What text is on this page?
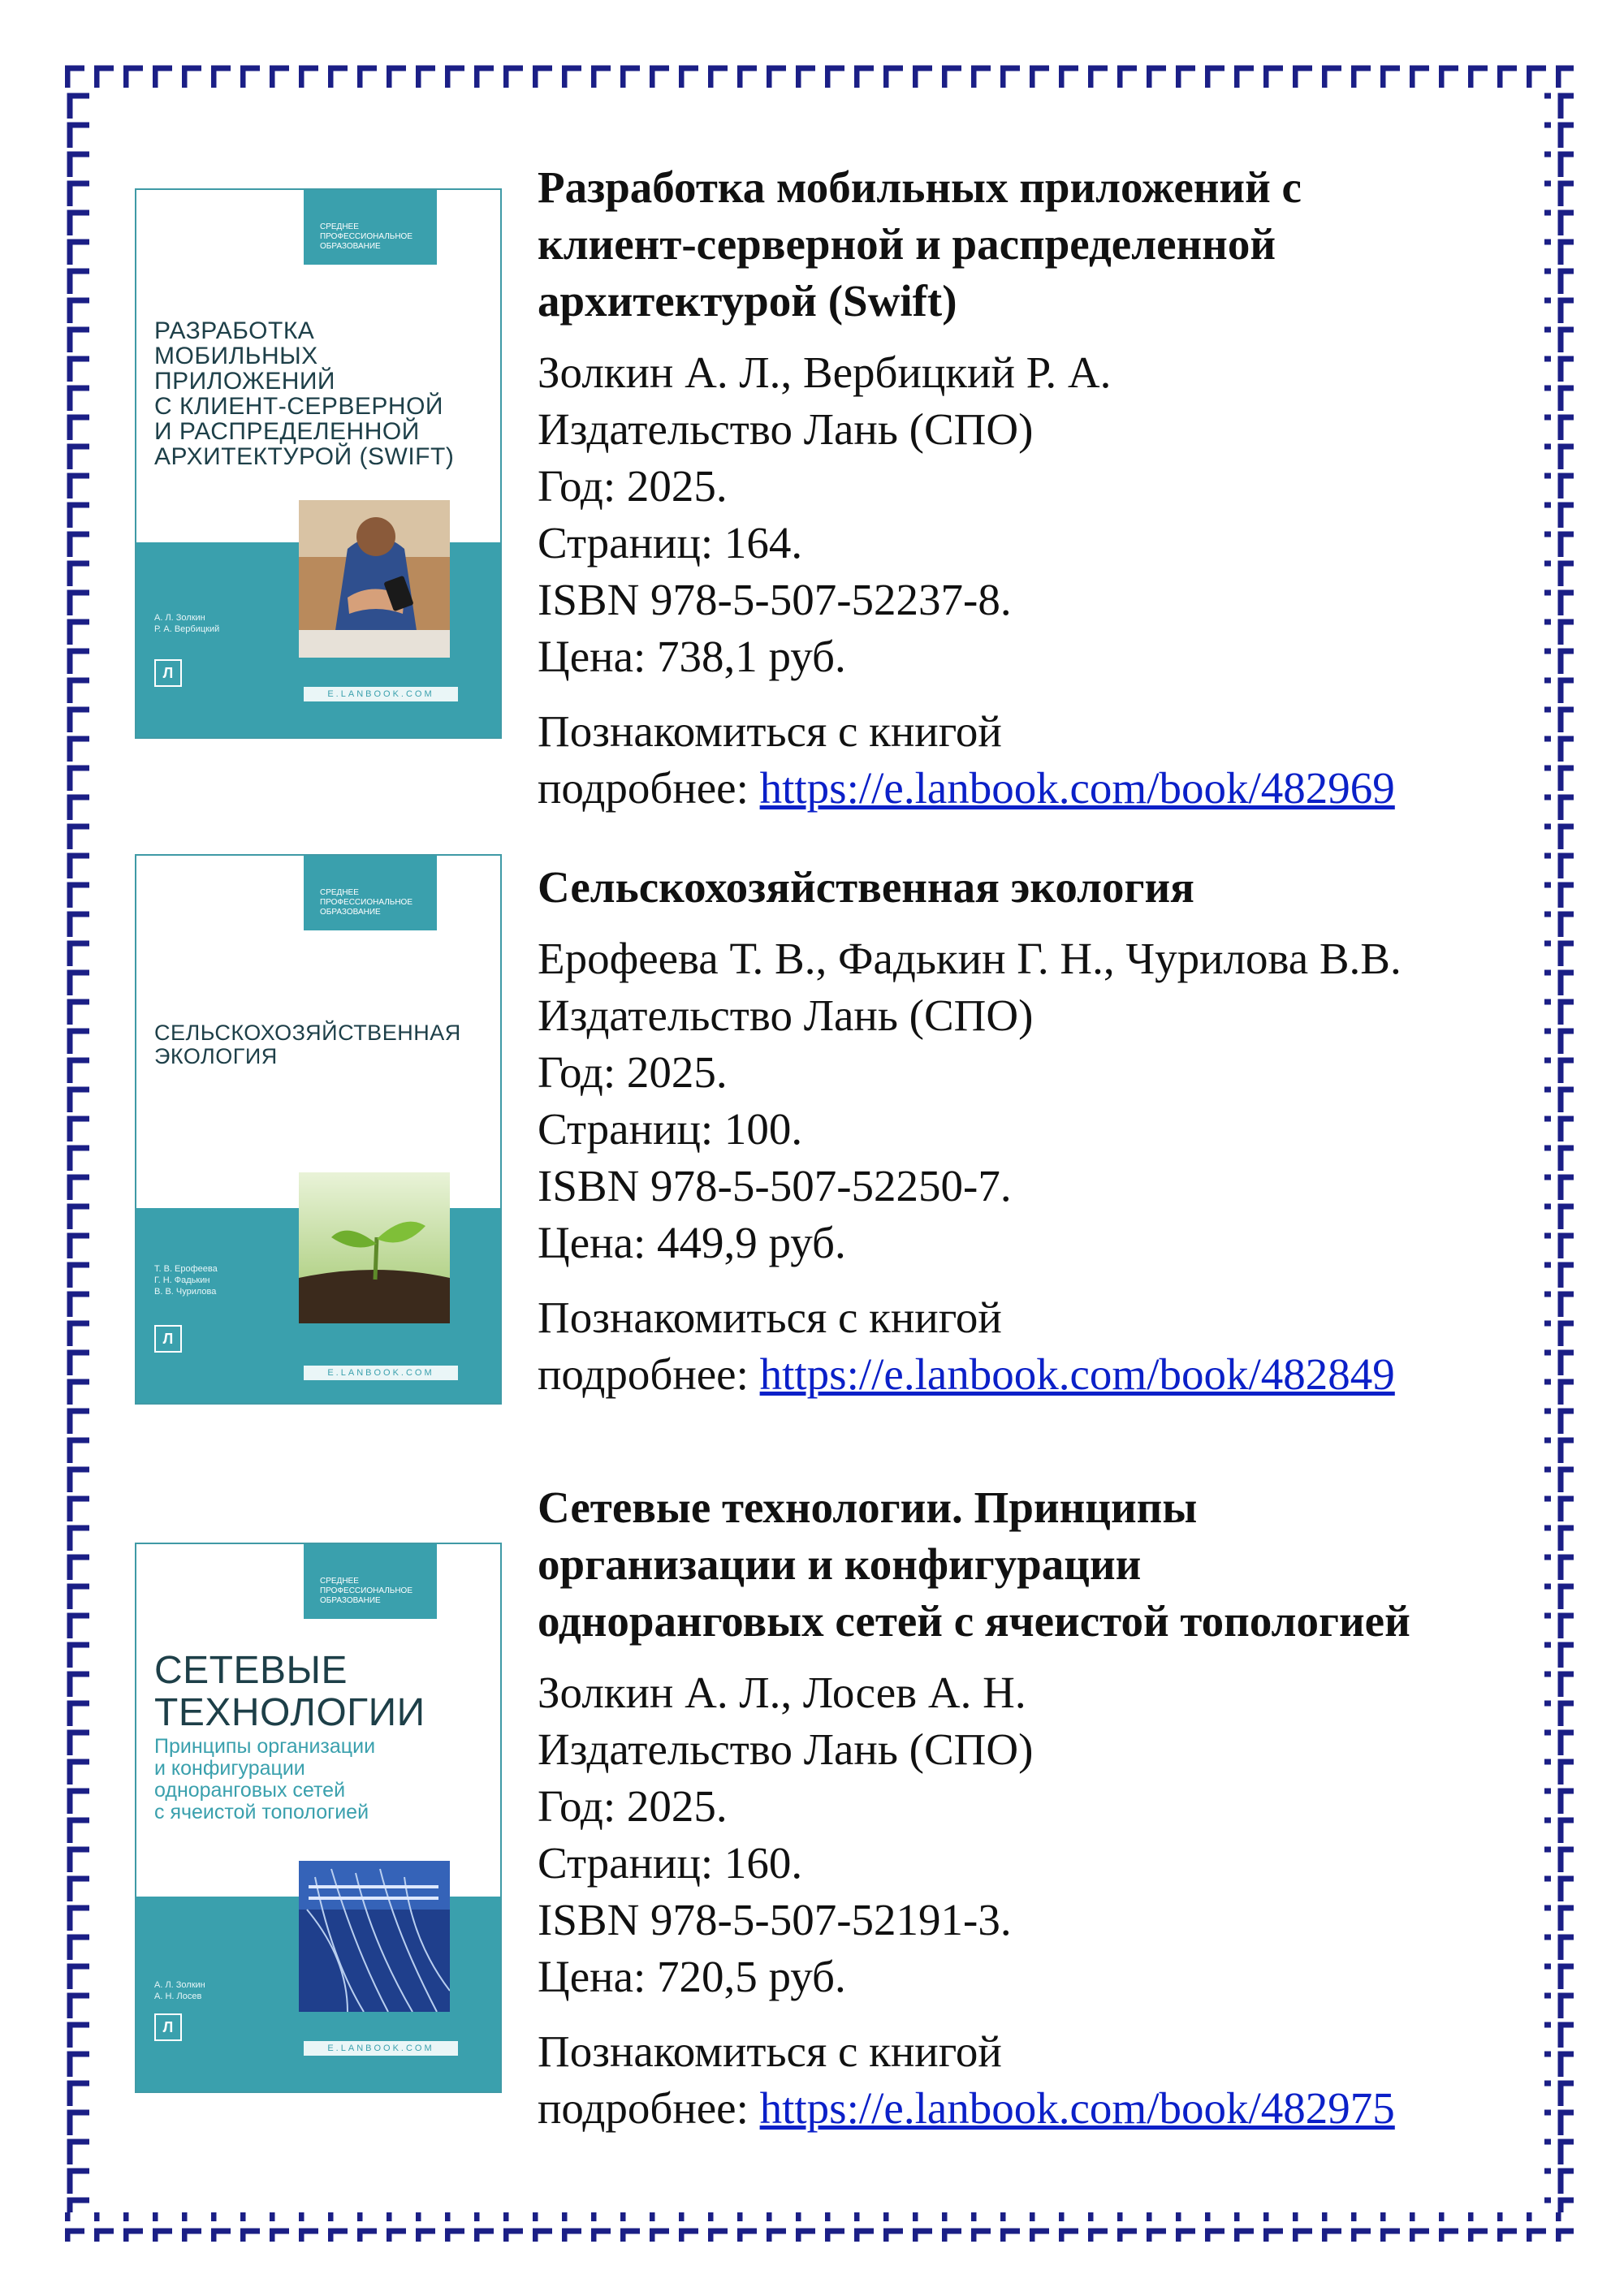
СРЕДНЕЕ ПРОФЕССИОНАЛЬНОЕ ОБРАЗОВАНИЕ
РАЗРАБОТКА
МОБИЛЬНЫХ
ПРИЛОЖЕНИЙ
С КЛИЕНТ-СЕРВЕРНОЙ
И РАСПРЕДЕЛЕННОЙ
АРХИТЕКТУРОЙ (SWIFT)
А. Л. Золкин
Р. А. Вербицкий
Л
E.LANBOOK.COM
Разработка мобильных приложений с
клиент-серверной и распределенной
архитектурой (Swift)
Золкин А. Л., Вербицкий Р. А.
Издательство Лань (СПО)
Год: 2025.
Страниц: 164.
ISBN 978-5-507-52237-8.
Цена: 738,1 руб.
Познакомиться с книгой
подробнее: https://e.lanbook.com/book/482969
СРЕДНЕЕ ПРОФЕССИОНАЛЬНОЕ ОБРАЗОВАНИЕ
СЕЛЬСКОХОЗЯЙСТВЕННАЯ
ЭКОЛОГИЯ
Т. В. Ерофеева
Г. Н. Фадькин
В. В. Чурилова
Л
E.LANBOOK.COM
Сельскохозяйственная экология
Ерофеева Т. В., Фадькин Г. Н., Чурилова В.В.
Издательство Лань (СПО)
Год: 2025.
Страниц: 100.
ISBN 978-5-507-52250-7.
Цена: 449,9 руб.
Познакомиться с книгой
подробнее: https://e.lanbook.com/book/482849
СРЕДНЕЕ ПРОФЕССИОНАЛЬНОЕ ОБРАЗОВАНИЕ
СЕТЕВЫЕ
ТЕХНОЛОГИИ
Принципы организации
и конфигурации
одноранговых сетей
с ячеистой топологией
А. Л. Золкин
А. Н. Лосев
Л
E.LANBOOK.COM
Сетевые технологии. Принципы
организации и конфигурации
одноранговых сетей с ячеистой топологией
Золкин А. Л., Лосев А. Н.
Издательство Лань (СПО)
Год: 2025.
Страниц: 160.
ISBN 978-5-507-52191-3.
Цена: 720,5 руб.
Познакомиться с книгой
подробнее: https://e.lanbook.com/book/482975
